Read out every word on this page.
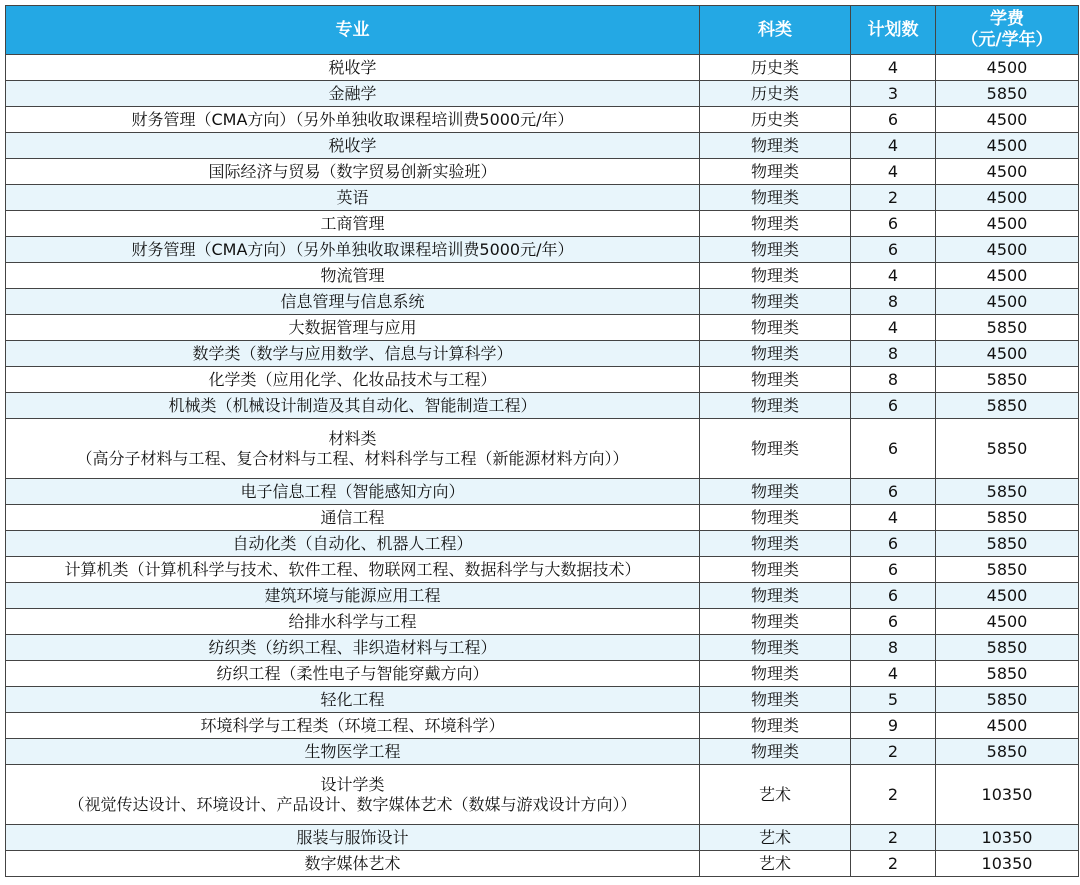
专业	科类	计划数	学费
（元/学年）

税收学	历史类	4	4500

金融学	历史类	3	5850

财务管理（CMA方向）（另外单独收取课程培训费5000元/年）	历史类	6	4500

税收学	物理类	4	4500

国际经济与贸易（数字贸易创新实验班）	物理类	4	4500

英语	物理类	2	4500

工商管理	物理类	6	4500

财务管理（CMA方向）（另外单独收取课程培训费5000元/年）	物理类	6	4500

物流管理	物理类	4	4500

信息管理与信息系统	物理类	8	4500

大数据管理与应用	物理类	4	5850

数学类（数学与应用数学、信息与计算科学）	物理类	8	4500

化学类（应用化学、化妆品技术与工程）	物理类	8	5850

机械类（机械设计制造及其自动化、智能制造工程）	物理类	6	5850

材料类
（高分子材料与工程、复合材料与工程、材料科学与工程（新能源材料方向））	物理类	6	5850

电子信息工程（智能感知方向）	物理类	6	5850

通信工程	物理类	4	5850

自动化类（自动化、机器人工程）	物理类	6	5850

计算机类（计算机科学与技术、软件工程、物联网工程、数据科学与大数据技术）	物理类	6	5850

建筑环境与能源应用工程	物理类	6	4500

给排水科学与工程	物理类	6	4500

纺织类（纺织工程、非织造材料与工程）	物理类	8	5850

纺织工程（柔性电子与智能穿戴方向）	物理类	4	5850

轻化工程	物理类	5	5850

环境科学与工程类（环境工程、环境科学）	物理类	9	4500

生物医学工程	物理类	2	5850

设计学类
（视觉传达设计、环境设计、产品设计、数字媒体艺术（数媒与游戏设计方向））	艺术	2	10350

服装与服饰设计	艺术	2	10350

数字媒体艺术	艺术	2	10350
